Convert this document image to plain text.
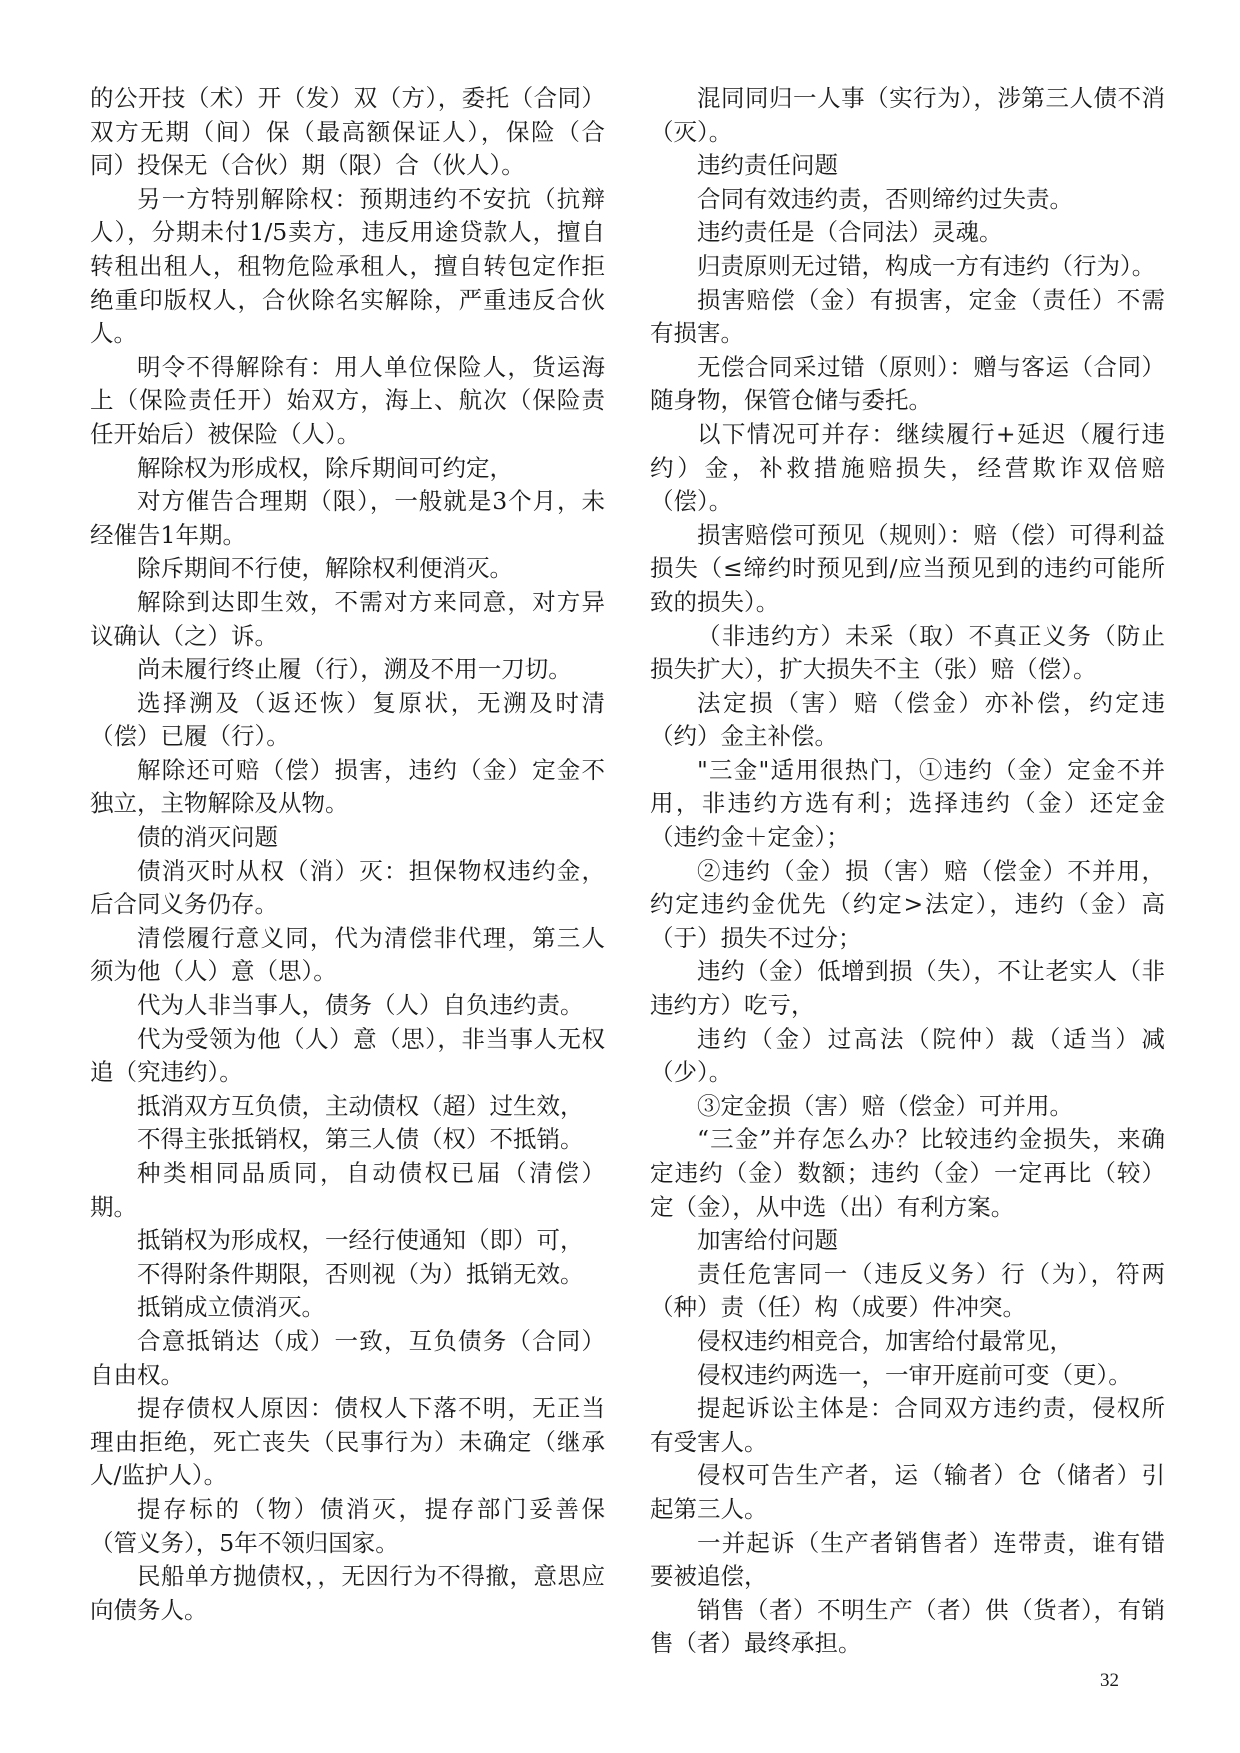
的公开技（术）开（发）双（方），委托（合同）双方无期（间）保（最高额保证人），保险（合同）投保无（合伙）期（限）合（伙人）。

另一方特别解除权：预期违约不安抗（抗辩人），分期未付1/5卖方，违反用途贷款人，擅自转租出租人，租物危险承租人，擅自转包定作拒绝重印版权人，合伙除名实解除，严重违反合伙人。

明令不得解除有：用人单位保险人，货运海上（保险责任开）始双方，海上、航次（保险责任开始后）被保险（人）。

解除权为形成权，除斥期间可约定，

对方催告合理期（限），一般就是3个月，未经催告1年期。

除斥期间不行使，解除权利便消灭。

解除到达即生效，不需对方来同意，对方异议确认（之）诉。

尚未履行终止履（行），溯及不用一刀切。

选择溯及（返还恢）复原状，无溯及时清（偿）已履（行）。

解除还可赔（偿）损害，违约（金）定金不独立，主物解除及从物。

债的消灭问题

债消灭时从权（消）灭：担保物权违约金，后合同义务仍存。

清偿履行意义同，代为清偿非代理，第三人须为他（人）意（思）。

代为人非当事人，债务（人）自负违约责。

代为受领为他（人）意（思），非当事人无权追（究违约）。

抵消双方互负债，主动债权（超）过生效，

不得主张抵销权，第三人债（权）不抵销。

种类相同品质同，自动债权已届（清偿）期。

抵销权为形成权，一经行使通知（即）可，

不得附条件期限，否则视（为）抵销无效。

抵销成立债消灭。

合意抵销达（成）一致，互负债务（合同）自由权。

提存债权人原因：债权人下落不明，无正当理由拒绝，死亡丧失（民事行为）未确定（继承人/监护人）。

提存标的（物）债消灭，提存部门妥善保（管义务），5年不领归国家。

民船单方抛债权，，无因行为不得撤，意思应向债务人。

混同同归一人事（实行为），涉第三人债不消（灭）。

违约责任问题

合同有效违约责，否则缔约过失责。

违约责任是（合同法）灵魂。

归责原则无过错，构成一方有违约（行为）。

损害赔偿（金）有损害，定金（责任）不需有损害。

无偿合同采过错（原则）：赠与客运（合同）随身物，保管仓储与委托。

以下情况可并存：继续履行+延迟（履行违约）金，补救措施赔损失，经营欺诈双倍赔（偿）。

损害赔偿可预见（规则）：赔（偿）可得利益损失（≤缔约时预见到/应当预见到的违约可能所致的损失）。

（非违约方）未采（取）不真正义务（防止损失扩大），扩大损失不主（张）赔（偿）。

法定损（害）赔（偿金）亦补偿，约定违（约）金主补偿。

"三金"适用很热门，①违约（金）定金不并用，非违约方选有利；选择违约（金）还定金（违约金＋定金）；

②违约（金）损（害）赔（偿金）不并用，约定违约金优先（约定>法定），违约（金）高（于）损失不过分；

违约（金）低增到损（失），不让老实人（非违约方）吃亏，

违约（金）过高法（院仲）裁（适当）减（少）。

③定金损（害）赔（偿金）可并用。

“三金”并存怎么办？比较违约金损失，来确定违约（金）数额；违约（金）一定再比（较）定（金），从中选（出）有利方案。

加害给付问题

责任危害同一（违反义务）行（为），符两（种）责（任）构（成要）件冲突。

侵权违约相竞合，加害给付最常见，

侵权违约两选一，一审开庭前可变（更）。

提起诉讼主体是：合同双方违约责，侵权所有受害人。

侵权可告生产者，运（输者）仓（储者）引起第三人。

一并起诉（生产者销售者）连带责，谁有错要被追偿，

销售（者）不明生产（者）供（货者），有销售（者）最终承担。

32
